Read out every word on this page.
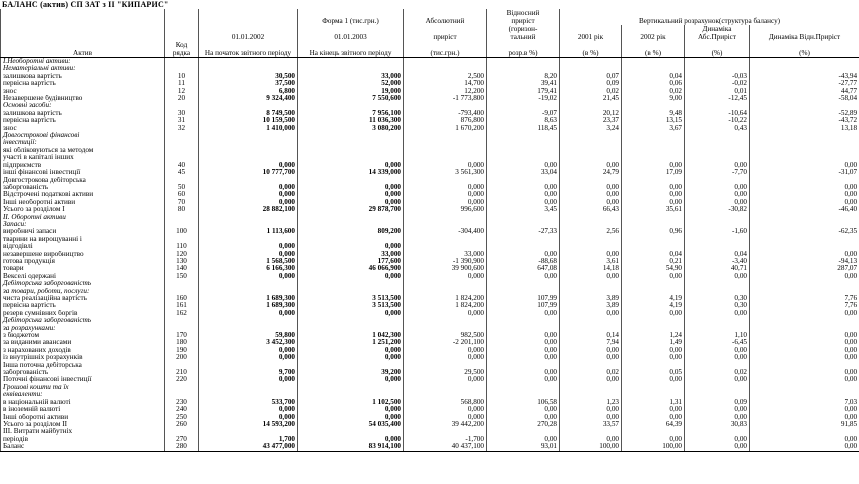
БАЛАНС (актив) СП ЗАТ з ІІ "КИПАРИС"
			Форма 1 (тис.грн.)	Абсолютний	Відносний
приріст	Вертикальний розрахунок(структура балансу)			
		01.01.2002	01.01.2003	приріст	(горизон-
тальний	2001 рік	2002 рік	Динаміка Абс.Приріст	Динаміка Відн.Приріст
Актив	Код рядка	На початок звітного періоду	На кінець звітного періоду	(тис.грн.)	розр.в %)	(в %)	(в %)	(%)	(%)
І.Необоротні активи:									
Нематеріальні активи:									
залишкова вартість	10	30,500	33,000	2,500	8,20	0,07	0,04	-0,03	-43,94
первісна вартість	11	37,500	52,000	14,700	39,41	0,09	0,06	-0,02	-27,77
знос	12	6,800	19,000	12,200	179,41	0,02	0,02	0,01	44,77
Незавершене будівництво	20	9 324,400	7 550,600	-1 773,800	-19,02	21,45	9,00	-12,45	-58,04
Основні засоби:									
залишкова вартість	30	8 749,500	7 956,100	-793,400	-9,07	20,12	9,48	-10,64	-52,89
первісна вартість	31	10 159,500	11 036,300	876,800	8,63	23,37	13,15	-10,22	-43,72
знос	32	1 410,000	3 080,200	1 670,200	118,45	3,24	3,67	0,43	13,18
Довгострокові фінансові									
інвестиції:									
які обліковуються за методом									
участі в капіталі інших									
підприємств	40	0,000	0,000	0,000	0,00	0,00	0,00	0,00	0,00
інші фінансові інвестиції	45	10 777,700	14 339,000	3 561,300	33,04	24,79	17,09	-7,70	-31,07
Довгострокова дебіторська									
заборгованість	50	0,000	0,000	0,000	0,00	0,00	0,00	0,00	0,00
Відстрочені податкові активи	60	0,000	0,000	0,000	0,00	0,00	0,00	0,00	0,00
Інші необоротні активи	70	0,000	0,000	0,000	0,00	0,00	0,00	0,00	0,00
Усього за розділом І	80	28 882,100	29 878,700	996,600	3,45	66,43	35,61	-30,82	-46,40
ІІ. Оборотні активи									
Запаси:									
виробничі запаси	100	1 113,600	809,200	-304,400	-27,33	2,56	0,96	-1,60	-62,35
тварини на вирощуванні і									
відгодівлі	110	0,000	0,000						
незавершене виробництво	120	0,000	33,000	33,000	0,00	0,00	0,04	0,04	0,00
готова продукція	130	1 568,500	177,600	-1 390,900	-88,68	3,61	0,21	-3,40	-94,13
товари	140	6 166,300	46 066,900	39 900,600	647,08	14,18	54,90	40,71	287,07
Векселі одержані	150	0,000	0,000	0,000	0,00	0,00	0,00	0,00	0,00
Дебіторська заборгованість									
за товари, роботи, послуги:									
чиста реалізаційна вартість	160	1 689,300	3 513,500	1 824,200	107,99	3,89	4,19	0,30	7,76
первісна вартість	161	1 689,300	3 513,500	1 824,200	107,99	3,89	4,19	0,30	7,76
резерв сумнівних боргів	162	0,000	0,000	0,000	0,00	0,00	0,00	0,00	0,00
Дебіторська заборгованість									
за розрахунками:									
з бюджетом	170	59,800	1 042,300	982,500	0,00	0,14	1,24	1,10	0,00
за виданими авансами	180	3 452,300	1 251,200	-2 201,100	0,00	7,94	1,49	-6,45	0,00
з нарахованих доходів	190	0,000	0,000	0,000	0,00	0,00	0,00	0,00	0,00
із внутрішніх розрахунків	200	0,000	0,000	0,000	0,00	0,00	0,00	0,00	0,00
Інша поточна дебіторська									
заборгованість	210	9,700	39,200	29,500	0,00	0,02	0,05	0,02	0,00
Поточні фінансові інвестиції	220	0,000	0,000	0,000	0,00	0,00	0,00	0,00	0,00
Грошові кошти та їх									
еквіваленти:									
в національній валюті	230	533,700	1 102,500	568,800	106,58	1,23	1,31	0,09	7,03
в іноземній валюті	240	0,000	0,000	0,000	0,00	0,00	0,00	0,00	0,00
Інші оборотні активи	250	0,000	0,000	0,000	0,00	0,00	0,00	0,00	0,00
Усього за розділом ІІ	260	14 593,200	54 035,400	39 442,200	270,28	33,57	64,39	30,83	91,85
ІІІ. Витрати майбутніх									
періодів	270	1,700	0,000	-1,700	0,00	0,00	0,00	0,00	0,00
Баланс	280	43 477,000	83 914,100	40 437,100	93,01	100,00	100,00	0,00	0,00
